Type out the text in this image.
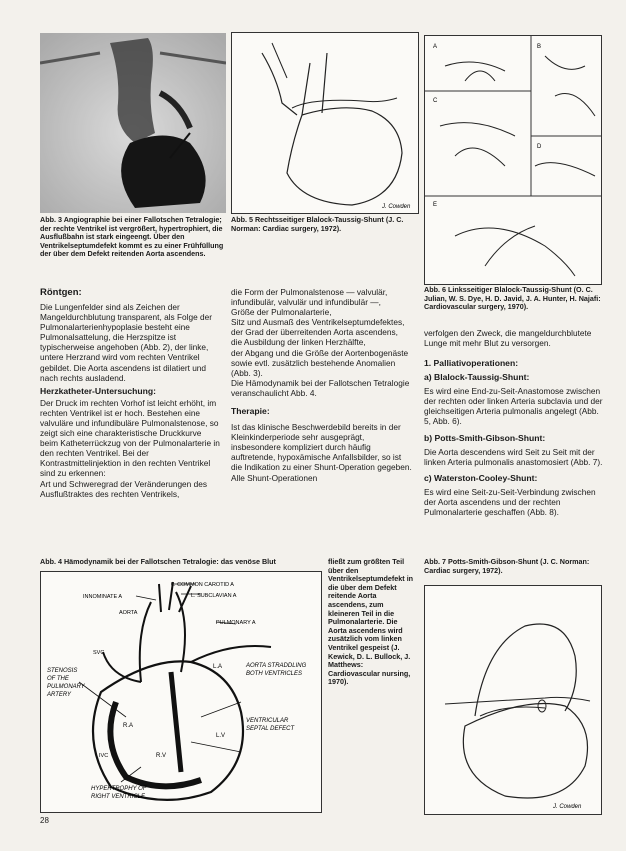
Abb. 3 Angiographie bei einer Fallotschen Tetralogie; der rechte Ventrikel ist vergrößert, hypertrophiert, die Ausflußbahn ist stark eingeengt. Über den Ventrikelseptumdefekt kommt es zu einer Frühfüllung der über dem Defekt reitenden Aorta ascendens.
J. Cowden
Abb. 5 Rechtsseitiger Blalock-Taussig-Shunt (J. C. Norman: Cardiac surgery, 1972).
A	B
C
D
E
Abb. 6 Linksseitiger Blalock-Taussig-Shunt (O. C. Julian, W. S. Dye, H. D. Javid, J. A. Hunter, H. Najafi: Cardiovascular surgery, 1970).
Röntgen:
Die Lungenfelder sind als Zeichen der Mangeldurchblutung transparent, als Folge der Pulmonalarterienhypoplasie besteht eine Pulmonalsattelung, die Herzspitze ist typischerweise angehoben (Abb. 2), der linke, untere Herzrand wird vom rechten Ventrikel gebildet. Die Aorta ascendens ist dilatiert und nach rechts ausladend.
Herzkatheter-Untersuchung:
Der Druck im rechten Vorhof ist leicht erhöht, im rechten Ventrikel ist er hoch. Bestehen eine valvuläre und infundibuläre Pulmonalstenose, so zeigt sich eine charakteristische Druckkurve beim Katheterrückzug von der Pulmonalarterie in den rechten Ventrikel. Bei der Kontrastmittelinjektion in den rechten Ventrikel sind zu erkennen:
Art und Schweregrad der Veränderungen des Ausflußtraktes des rechten Ventrikels,
die Form der Pulmonalstenose — valvulär, infundibulär, valvulär und infundibulär —,
Größe der Pulmonalarterie,
Sitz und Ausmaß des Ventrikelseptumdefektes,
der Grad der überreitenden Aorta ascendens,
die Ausbildung der linken Herzhälfte,
der Abgang und die Größe der Aortenbogenäste
sowie evtl. zusätzlich bestehende Anomalien (Abb. 3).
Die Hämodynamik bei der Fallotschen Tetralogie veranschaulicht Abb. 4.
Therapie:
Ist das klinische Beschwerdebild bereits in der Kleinkinderperiode sehr ausgeprägt, insbesondere kompliziert durch häufig auftretende, hypoxämische Anfallsbilder, so ist die Indikation zu einer Shunt-Operation gegeben. Alle Shunt-Operationen
verfolgen den Zweck, die mangeldurchblutete Lunge mit mehr Blut zu versorgen.
1. Palliativoperationen:
a) Blalock-Taussig-Shunt:
Es wird eine End-zu-Seit-Anastomose zwischen der rechten oder linken Arteria subclavia und der gleichseitigen Arteria pulmonalis angelegt (Abb. 5, Abb. 6).
b) Potts-Smith-Gibson-Shunt:
Die Aorta descendens wird Seit zu Seit mit der linken Arteria pulmonalis anastomosiert (Abb. 7).
c) Waterston-Cooley-Shunt:
Es wird eine Seit-zu-Seit-Verbindung zwischen der Aorta ascendens und der rechten Pulmonalarterie geschaffen (Abb. 8).
Abb. 4 Hämodynamik bei der Fallotschen Tetralogie: das venöse Blut
L. COMMON CAROTID A
INNOMINATE A	L. SUBCLAVIAN A
AORTA
PULMONARY A
SVC
L.A	AORTA STRADDLING
BOTH VENTRICLES
STENOSIS
OF THE
PULMONARY
ARTERY
R.A
L.V
R.V
VENTRICULAR
SEPTAL DEFECT
IVC
HYPERTROPHY OF
RIGHT VENTRICLE
fließt zum größten Teil über den Ventrikelseptumdefekt in die über dem Defekt reitende Aorta ascendens, zum kleineren Teil in die Pulmonalarterie. Die Aorta ascendens wird zusätzlich vom linken Ventrikel gespeist (J. Kewick, D. L. Bullock, J. Matthews: Cardiovascular nursing, 1970).
Abb. 7 Potts-Smith-Gibson-Shunt (J. C. Norman: Cardiac surgery, 1972).
J. Cowden
28
